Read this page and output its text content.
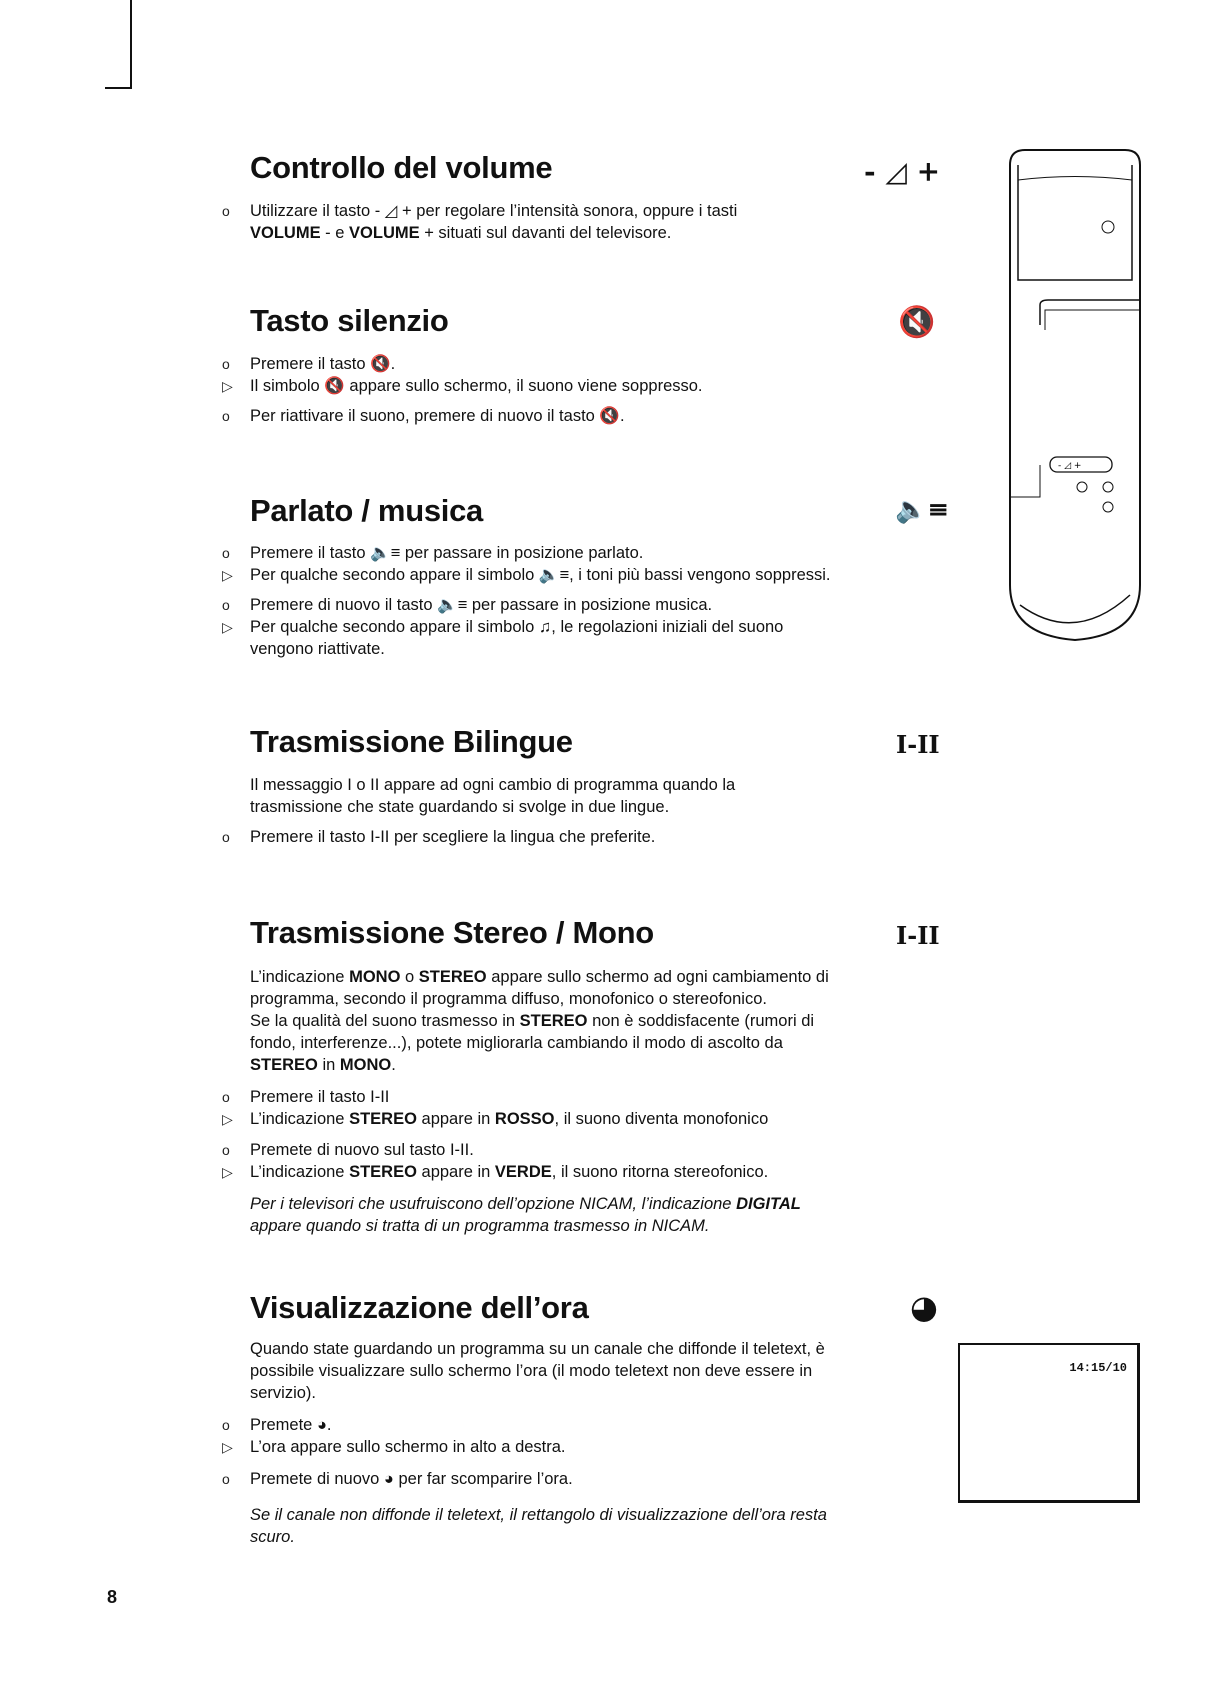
Controllo del volume	- ◿ +
o Utilizzare il tasto - ◿ + per regolare l’intensità sonora, oppure i tasti
VOLUME - e VOLUME + situati sul davanti del televisore.
Tasto silenzio	🔇
o Premere il tasto 🔇.
▷ Il simbolo 🔇 appare sullo schermo, il suono viene soppresso.
o Per riattivare il suono, premere di nuovo il tasto 🔇.
Parlato / musica	🔈≡
o Premere il tasto 🔈≡ per passare in posizione parlato.
▷ Per qualche secondo appare il simbolo 🔈≡, i toni più bassi vengono soppressi.
o Premere di nuovo il tasto 🔈≡ per passare in posizione musica.
▷ Per qualche secondo appare il simbolo ♫, le regolazioni iniziali del suono
vengono riattivate.
Trasmissione Bilingue	I-II
Il messaggio I o II appare ad ogni cambio di programma quando la
trasmissione che state guardando si svolge in due lingue.
o Premere il tasto I-II per scegliere la lingua che preferite.
Trasmissione Stereo / Mono	I-II
L’indicazione MONO o STEREO appare sullo schermo ad ogni cambiamento di
programma, secondo il programma diffuso, monofonico o stereofonico.
Se la qualità del suono trasmesso in STEREO non è soddisfacente (rumori di
fondo, interferenze...), potete migliorarla cambiando il modo di ascolto da
STEREO in MONO.
o Premere il tasto I-II
▷ L’indicazione STEREO appare in ROSSO, il suono diventa monofonico
o Premete di nuovo sul tasto I-II.
▷ L’indicazione STEREO appare in VERDE, il suono ritorna stereofonico.
Per i televisori che usufruiscono dell’opzione NICAM, l’indicazione DIGITAL
appare quando si tratta di un programma trasmesso in NICAM.
Visualizzazione dell’ora	◕
Quando state guardando un programma su un canale che diffonde il teletext, è
possibile visualizzare sullo schermo l’ora (il modo teletext non deve essere in
servizio).
o Premete ◕.
▷ L’ora appare sullo schermo in alto a destra.
o Premete di nuovo ◕ per far scomparire l’ora.
Se il canale non diffonde il teletext, il rettangolo di visualizzazione dell’ora resta
scuro.
14:15/10
- ◿ +
8
